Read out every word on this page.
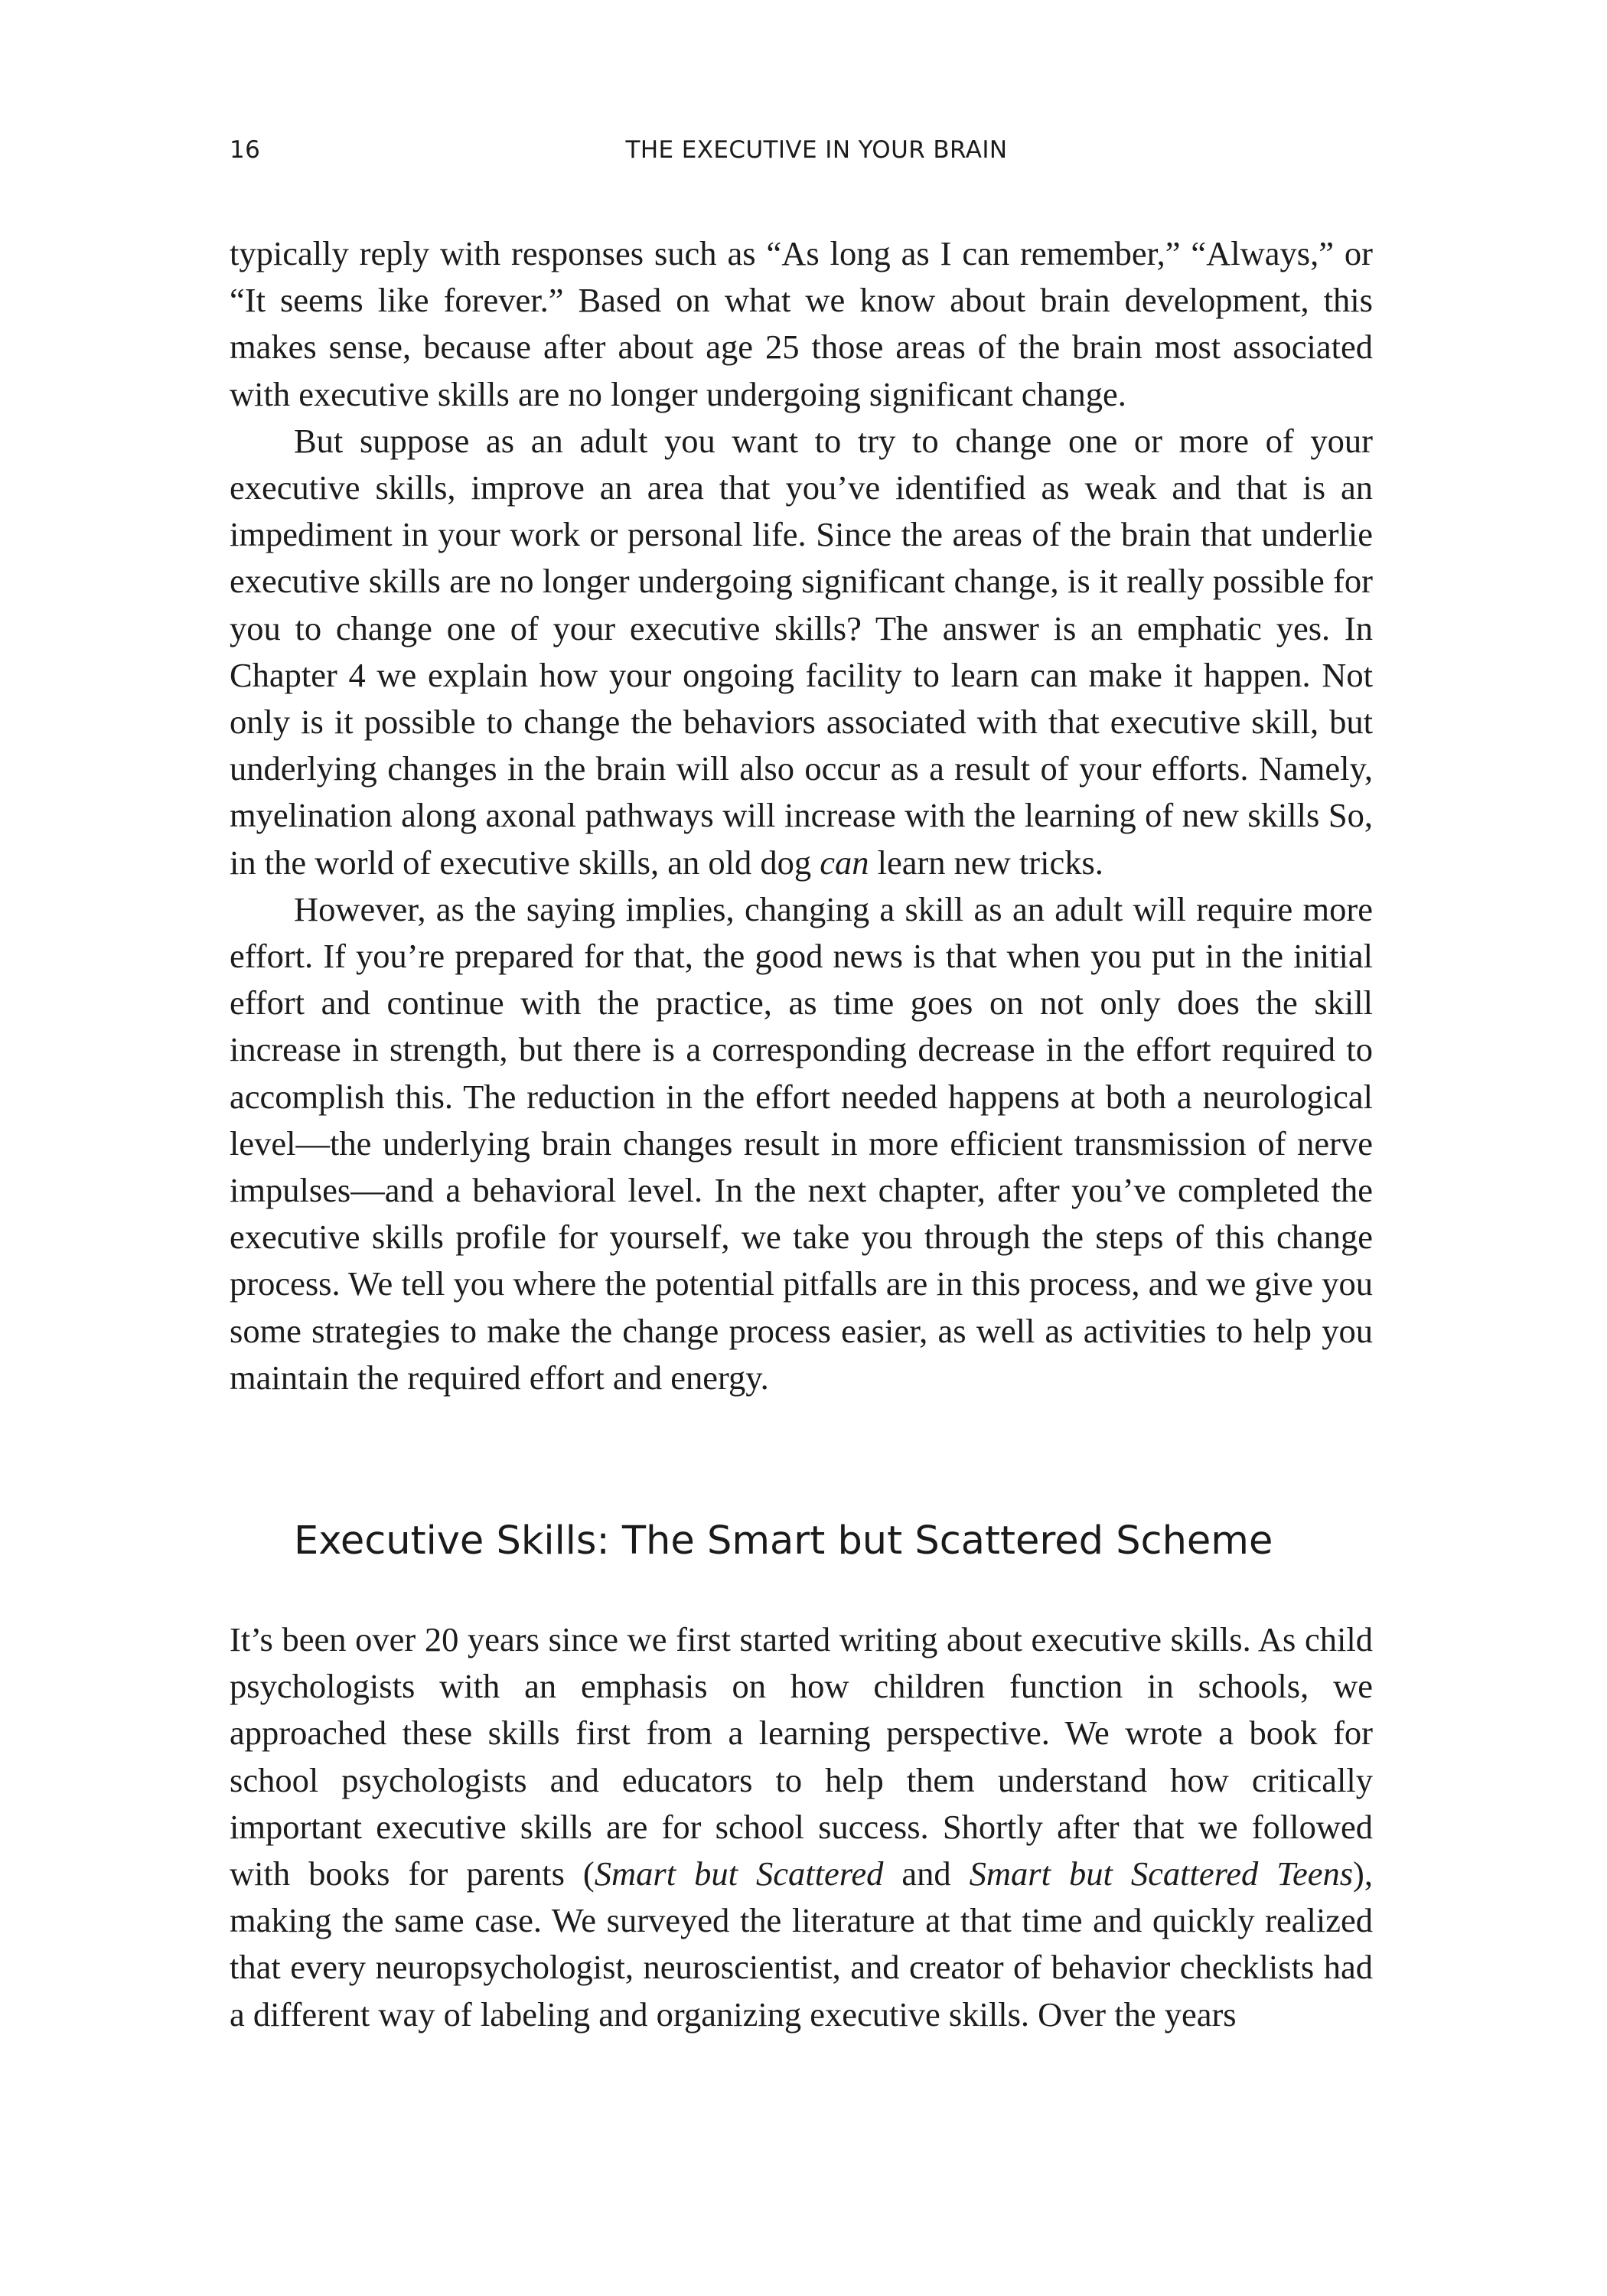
16	THE EXECUTIVE IN YOUR BRAIN

typically reply with responses such as “As long as I can remember,” “Always,” or “It seems like forever.” Based on what we know about brain development, this makes sense, because after about age 25 those areas of the brain most associated with executive skills are no longer undergoing significant change.

But suppose as an adult you want to try to change one or more of your executive skills, improve an area that you’ve identified as weak and that is an impediment in your work or personal life. Since the areas of the brain that underlie executive skills are no longer undergoing significant change, is it really possible for you to change one of your executive skills? The answer is an emphatic yes. In Chapter 4 we explain how your ongoing facility to learn can make it happen. Not only is it possible to change the behaviors associated with that executive skill, but underlying changes in the brain will also occur as a result of your efforts. Namely, myelination along axonal pathways will increase with the learning of new skills So, in the world of executive skills, an old dog can learn new tricks.

However, as the saying implies, changing a skill as an adult will require more effort. If you’re prepared for that, the good news is that when you put in the initial effort and continue with the practice, as time goes on not only does the skill increase in strength, but there is a corresponding decrease in the effort required to accomplish this. The reduction in the effort needed happens at both a neurological level—the underlying brain changes result in more efficient transmission of nerve impulses—and a behavioral level. In the next chapter, after you’ve completed the executive skills profile for yourself, we take you through the steps of this change process. We tell you where the potential pitfalls are in this process, and we give you some strategies to make the change process easier, as well as activities to help you maintain the required effort and energy.

Executive Skills: The Smart but Scattered Scheme

It’s been over 20 years since we first started writing about executive skills. As child psychologists with an emphasis on how children function in schools, we approached these skills first from a learning perspective. We wrote a book for school psychologists and educators to help them understand how critically important executive skills are for school success. Shortly after that we followed with books for parents (Smart but Scattered and Smart but Scattered Teens), making the same case. We surveyed the literature at that time and quickly realized that every neuropsychologist, neuroscientist, and creator of behavior checklists had a different way of labeling and organizing executive skills. Over the years
